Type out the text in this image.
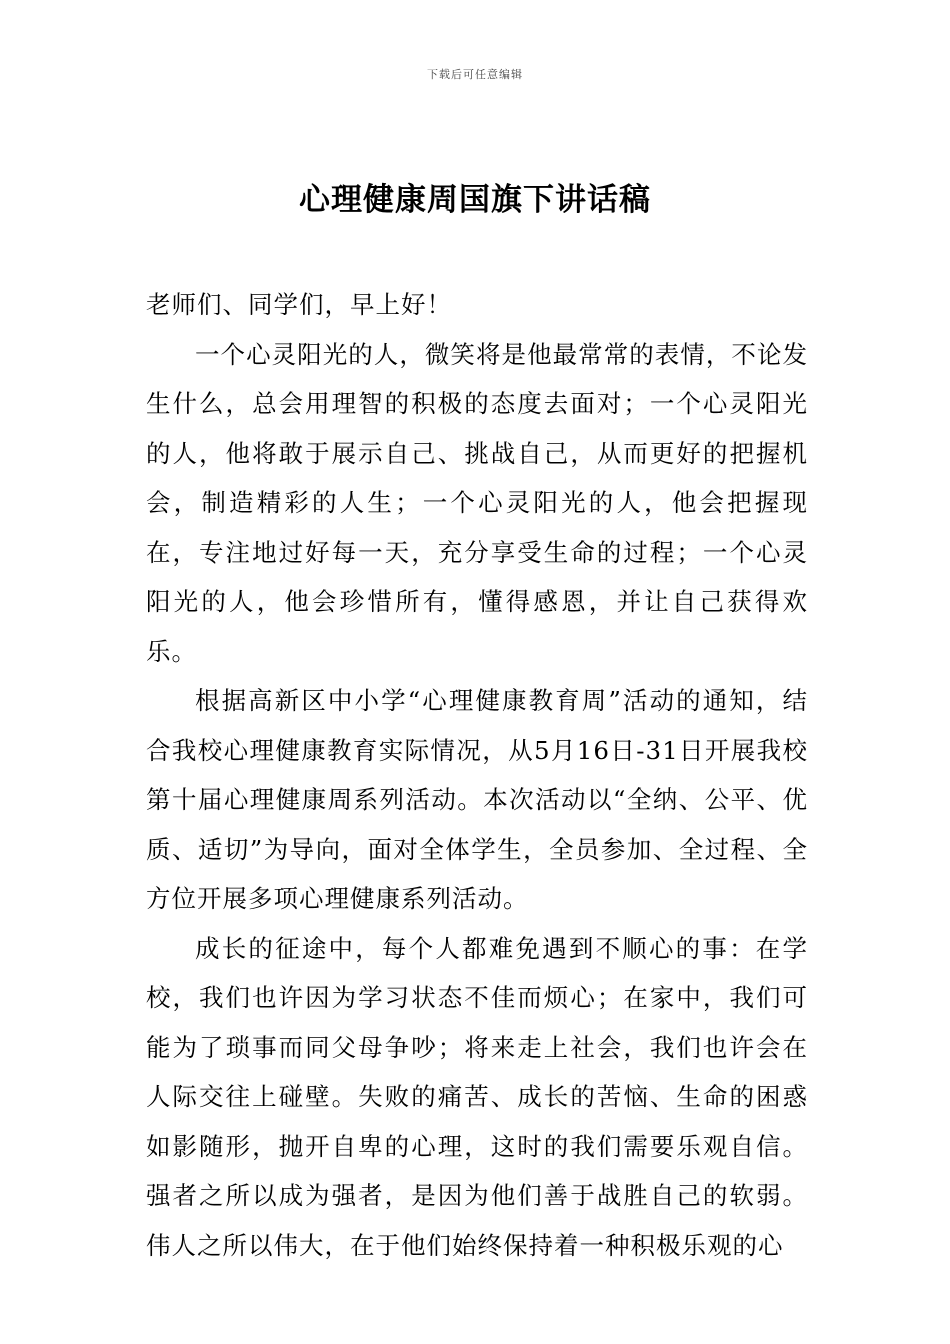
下载后可任意编辑
心理健康周国旗下讲话稿

老师们、同学们，早上好！

一个心灵阳光的人，微笑将是他最常常的表情，不论发生什么，总会用理智的积极的态度去面对；一个心灵阳光的人，他将敢于展示自己、挑战自己，从而更好的把握机会，制造精彩的人生；一个心灵阳光的人，他会把握现在，专注地过好每一天，充分享受生命的过程；一个心灵阳光的人，他会珍惜所有，懂得感恩，并让自己获得欢乐。

根据高新区中小学“心理健康教育周”活动的通知，结合我校心理健康教育实际情况，从5月16日-31日开展我校第十届心理健康周系列活动。本次活动以“全纳、公平、优质、适切”为导向，面对全体学生，全员参加、全过程、全方位开展多项心理健康系列活动。

成长的征途中，每个人都难免遇到不顺心的事：在学校，我们也许因为学习状态不佳而烦心；在家中，我们可能为了琐事而同父母争吵；将来走上社会，我们也许会在人际交往上碰壁。失败的痛苦、成长的苦恼、生命的困惑如影随形，抛开自卑的心理，这时的我们需要乐观自信。强者之所以成为强者，是因为他们善于战胜自己的软弱。伟人之所以伟大，在于他们始终保持着一种积极乐观的心
